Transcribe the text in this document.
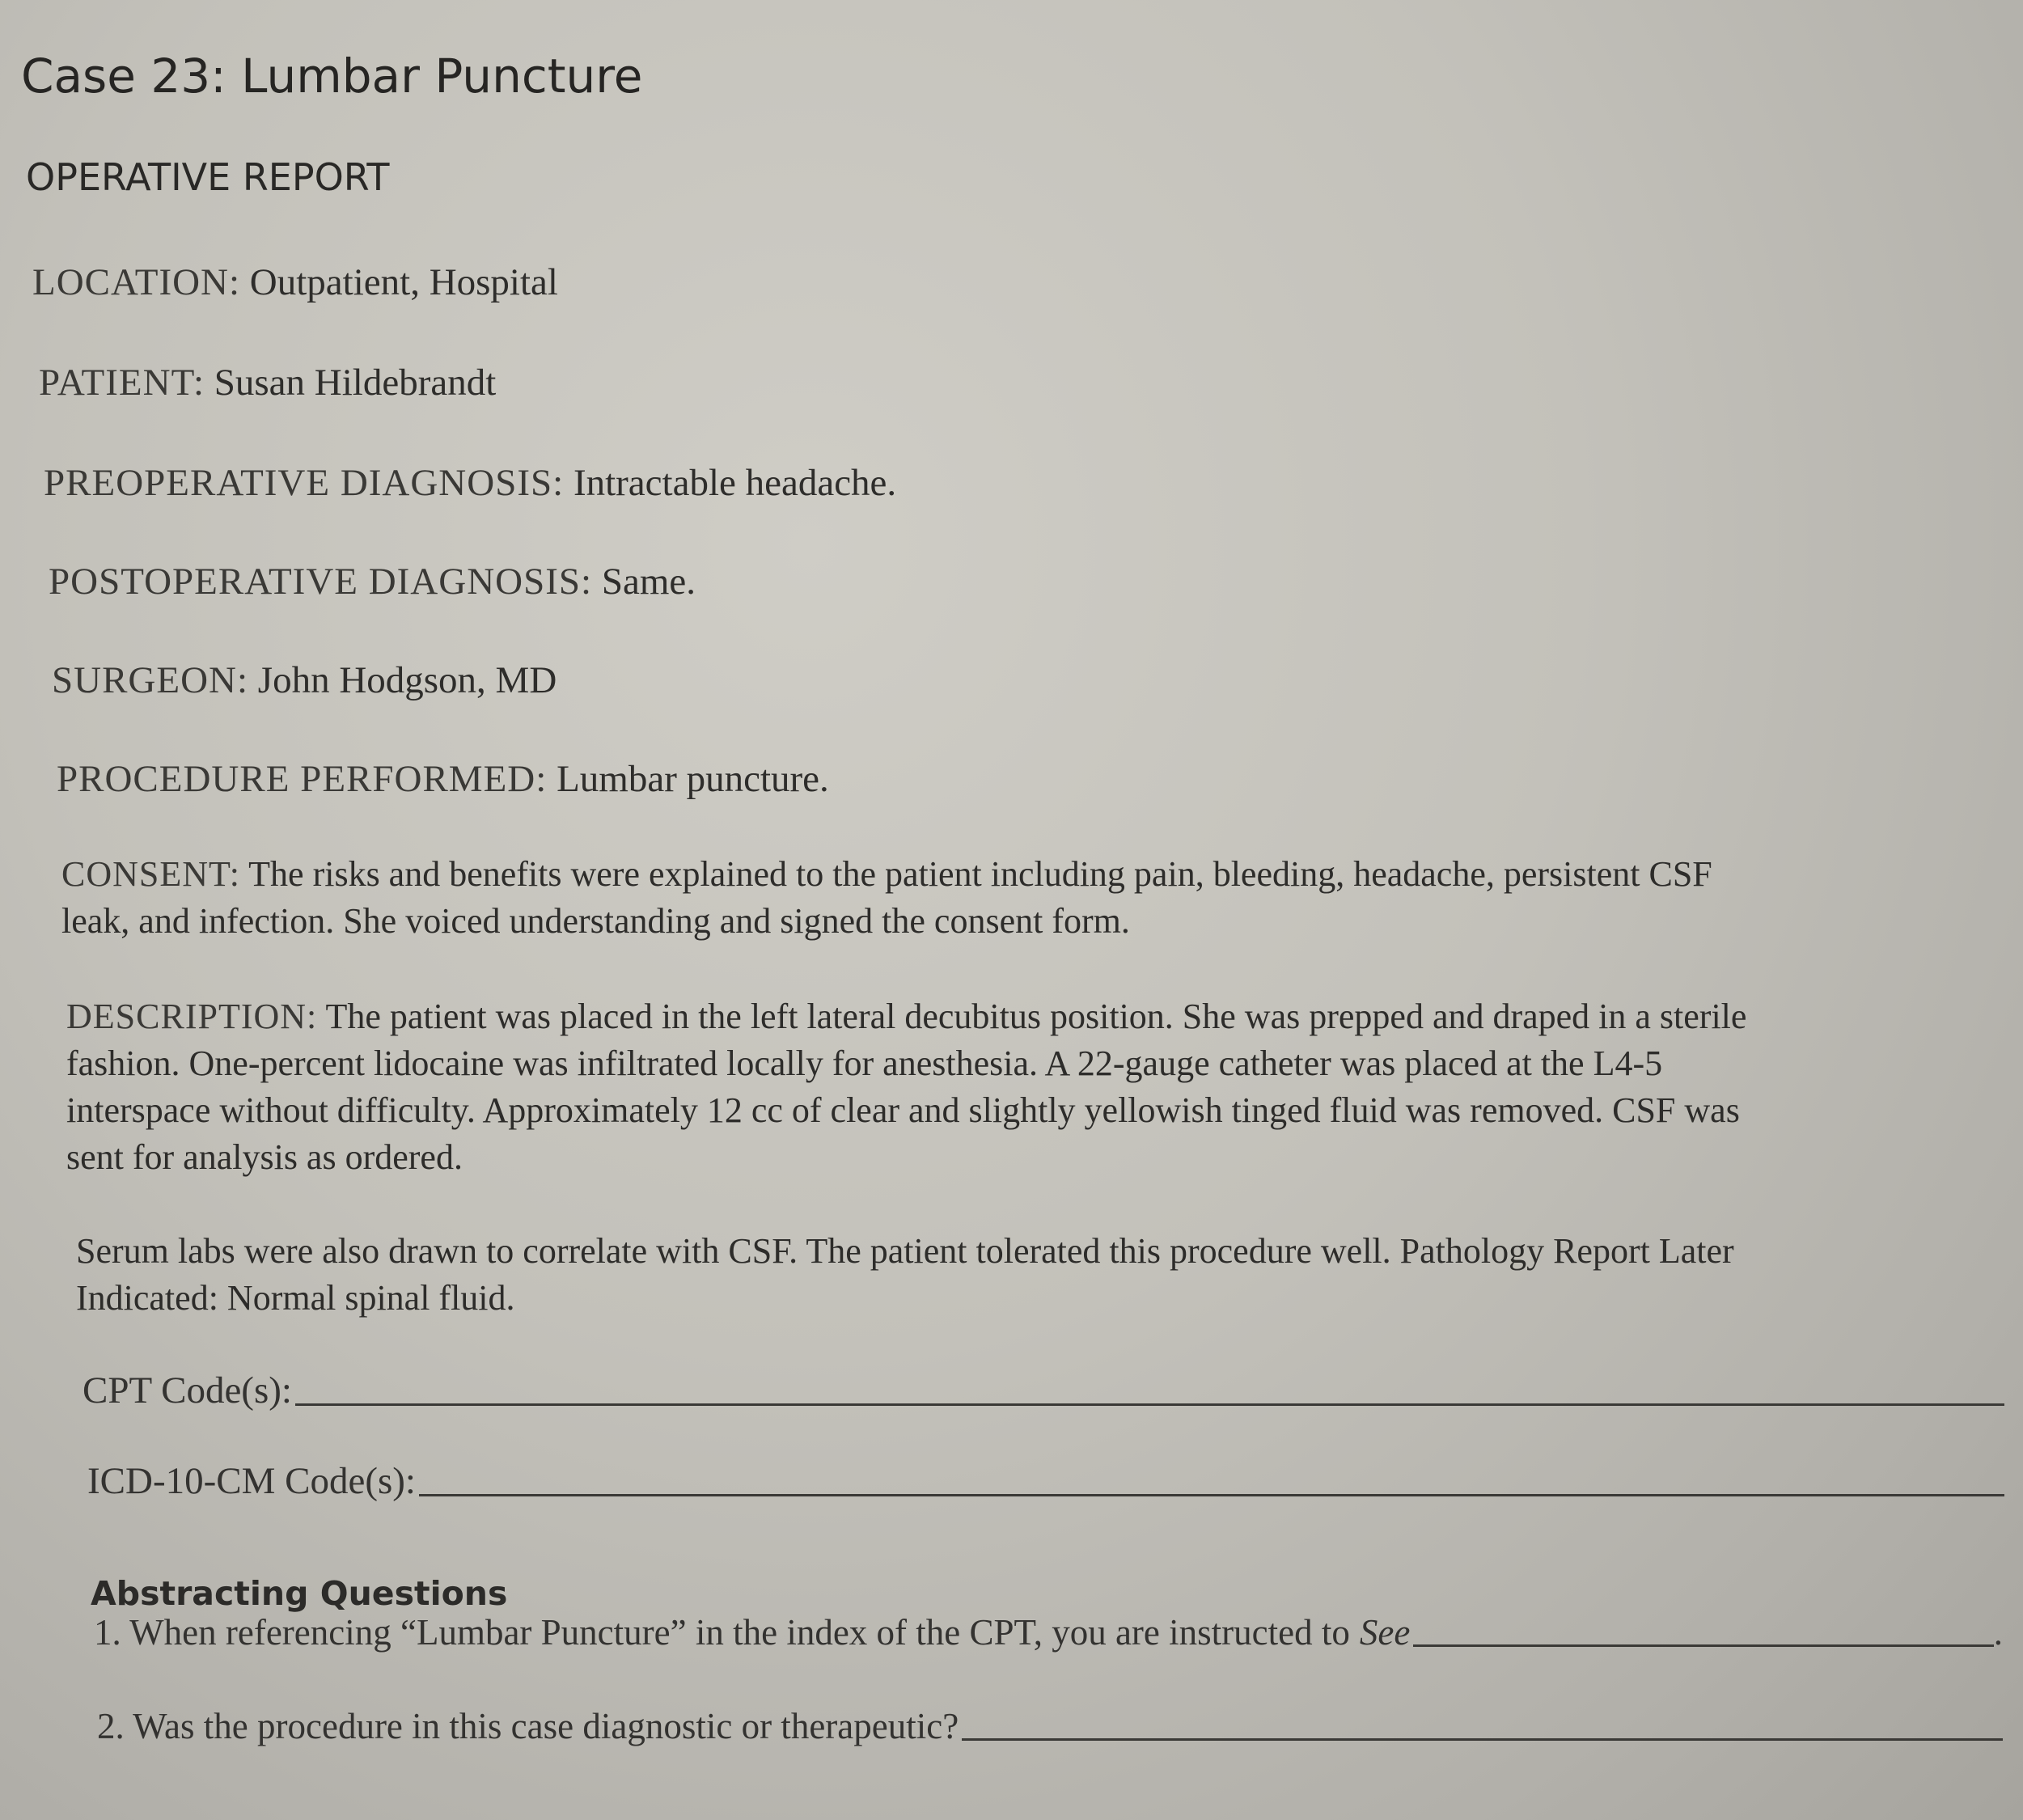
Case 23: Lumbar Puncture
OPERATIVE REPORT
LOCATION: Outpatient, Hospital
PATIENT: Susan Hildebrandt
PREOPERATIVE DIAGNOSIS: Intractable headache.
POSTOPERATIVE DIAGNOSIS: Same.
SURGEON: John Hodgson, MD
PROCEDURE PERFORMED: Lumbar puncture.
CONSENT: The risks and benefits were explained to the patient including pain, bleeding, headache, persistent CSF
leak, and infection. She voiced understanding and signed the consent form.
DESCRIPTION: The patient was placed in the left lateral decubitus position. She was prepped and draped in a sterile
fashion. One-percent lidocaine was infiltrated locally for anesthesia. A 22-gauge catheter was placed at the L4-5
interspace without difficulty. Approximately 12 cc of clear and slightly yellowish tinged fluid was removed. CSF was
sent for analysis as ordered.
Serum labs were also drawn to correlate with CSF. The patient tolerated this procedure well. Pathology Report Later
Indicated: Normal spinal fluid.
CPT Code(s):
ICD-10-CM Code(s):
Abstracting Questions
1. When referencing “Lumbar Puncture” in the index of the CPT, you are instructed to See	.
2. Was the procedure in this case diagnostic or therapeutic?
